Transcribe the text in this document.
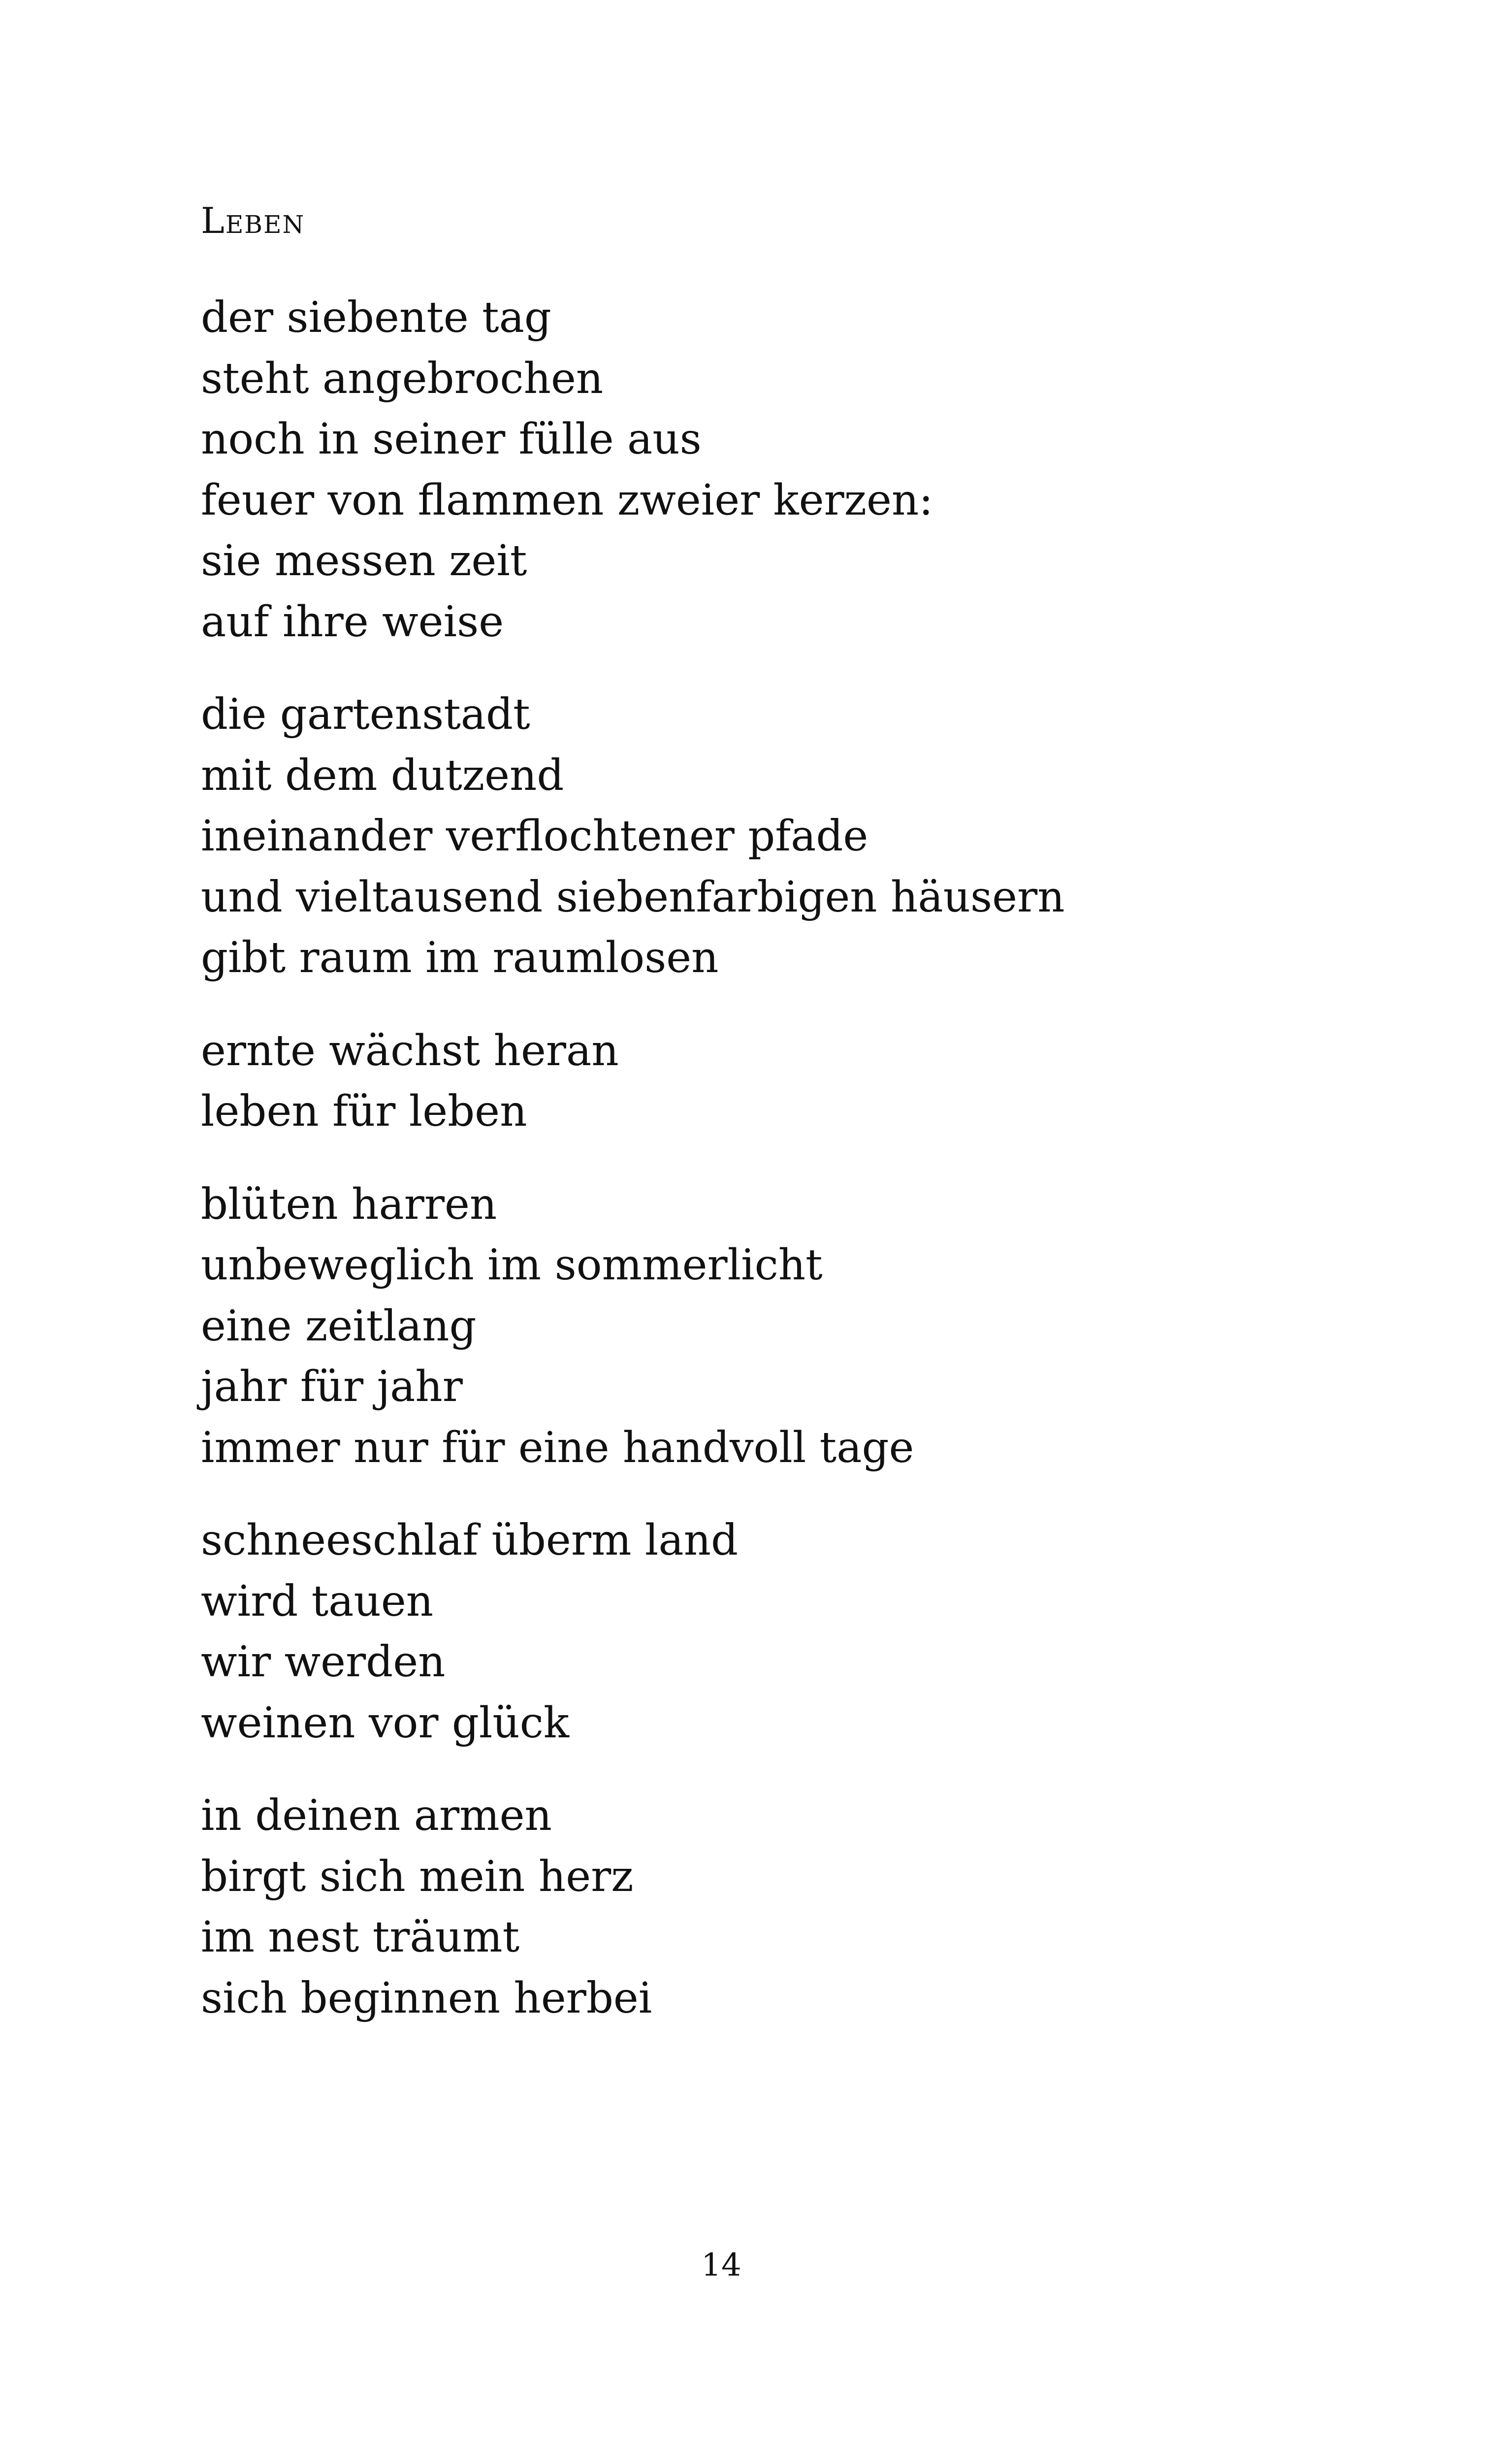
Leben
der siebente tag
steht angebrochen
noch in seiner fülle aus
feuer von flammen zweier kerzen:
sie messen zeit
auf ihre weise
die gartenstadt
mit dem dutzend
ineinander verflochtener pfade
und vieltausend siebenfarbigen häusern
gibt raum im raumlosen
ernte wächst heran
leben für leben
blüten harren
unbeweglich im sommerlicht
eine zeitlang
jahr für jahr
immer nur für eine handvoll tage
schneeschlaf überm land
wird tauen
wir werden
weinen vor glück
in deinen armen
birgt sich mein herz
im nest träumt
sich beginnen herbei
14
